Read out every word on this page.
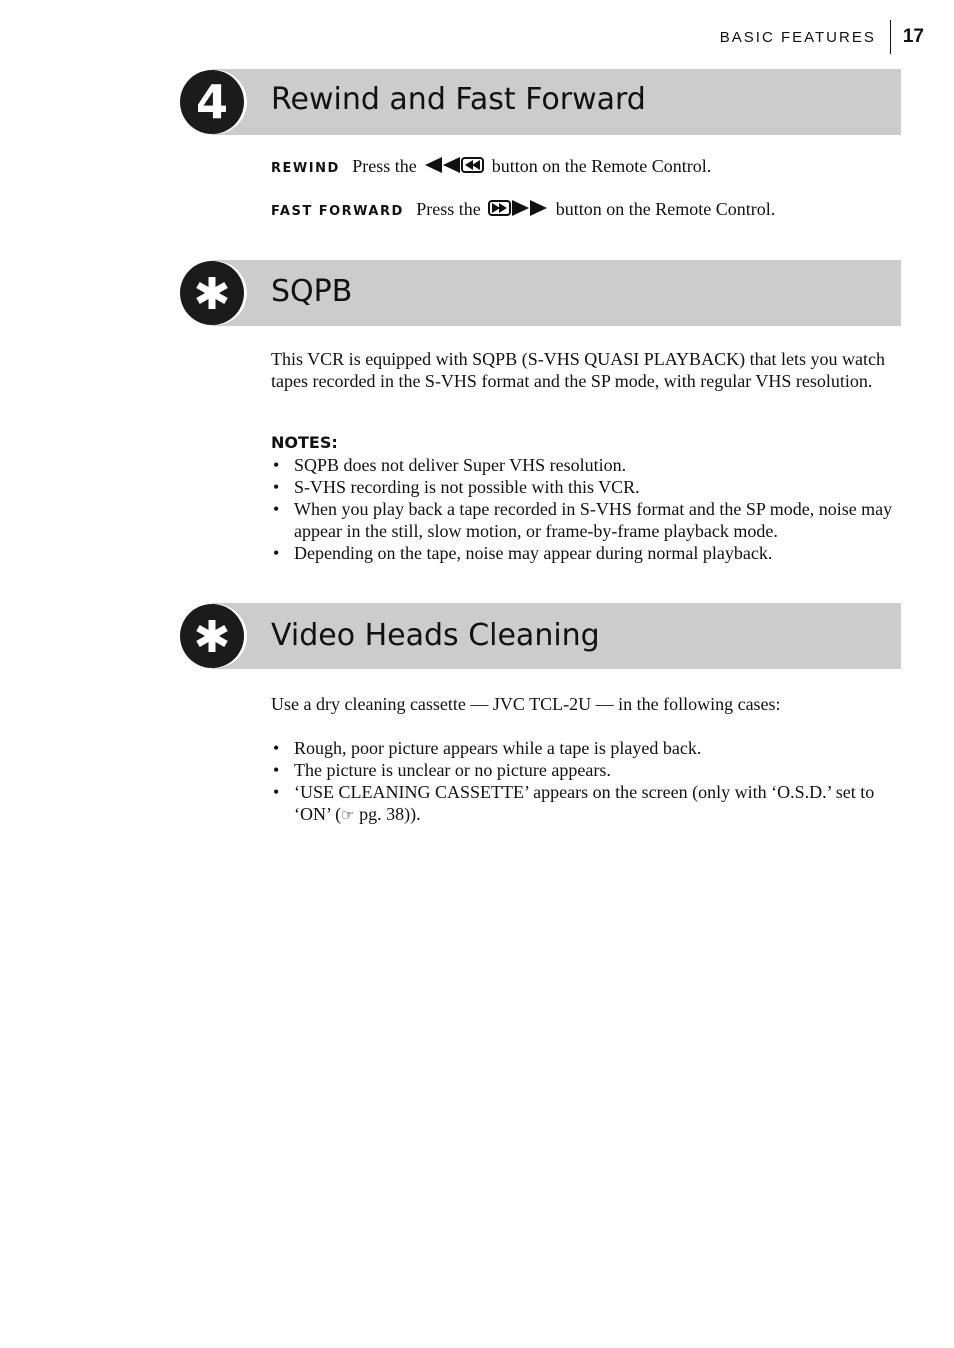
BASIC FEATURES 17
4 Rewind and Fast Forward
REWIND Press the	button on the Remote Control.
FAST FORWARD Press the	button on the Remote Control.
SQPB
This VCR is equipped with SQPB (S-VHS QUASI PLAYBACK) that lets you watch tapes recorded in the S-VHS format and the SP mode, with regular VHS resolution.
NOTES:
• SQPB does not deliver Super VHS resolution.
• S-VHS recording is not possible with this VCR.
• When you play back a tape recorded in S-VHS format and the SP mode, noise may appear in the still, slow motion, or frame-by-frame playback mode.
• Depending on the tape, noise may appear during normal playback.
Video Heads Cleaning
Use a dry cleaning cassette — JVC TCL-2U — in the following cases:
• Rough, poor picture appears while a tape is played back.
• The picture is unclear or no picture appears.
• ‘USE CLEANING CASSETTE’ appears on the screen (only with ‘O.S.D.’ set to ‘ON’ (☞ pg. 38)).
